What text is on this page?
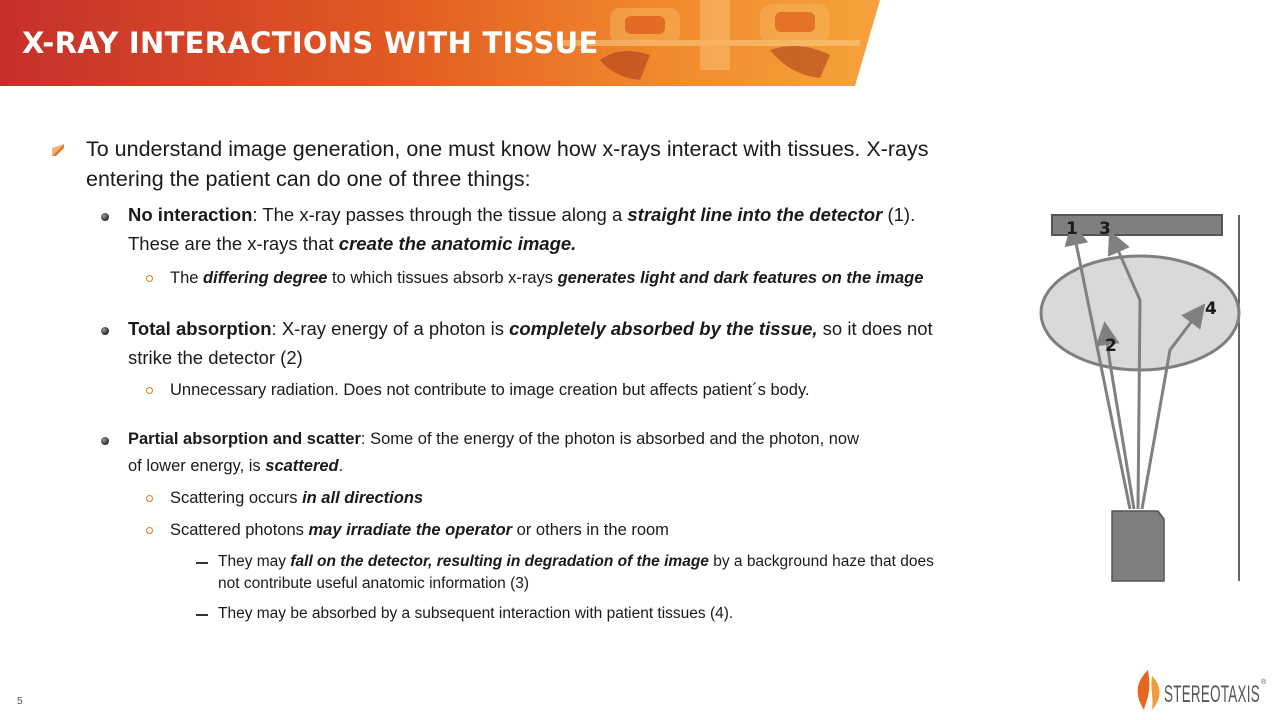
X-RAY INTERACTIONS WITH TISSUE
To understand image generation, one must know how x-rays interact with tissues. X-rays
entering the patient can do one of three things:
No interaction: The x-ray passes through the tissue along a straight line into the detector (1).
These are the x-rays that create the anatomic image.
The differing degree to which tissues absorb x-rays generates light and dark features on the image
Total absorption: X-ray energy of a photon is completely absorbed by the tissue, so it does not
strike the detector (2)
Unnecessary radiation. Does not contribute to image creation but affects patient´s body.
Partial absorption and scatter: Some of the energy of the photon is absorbed and the photon, now
of lower energy, is scattered.
Scattering occurs in all directions
Scattered photons may irradiate the operator or others in the room
They may fall on the detector, resulting in degradation of the image by a background haze that does
not contribute useful anatomic information (3)
They may be absorbed by a subsequent interaction with patient tissues (4).
1 3
4
2
5	STEREOTAXIS ®
